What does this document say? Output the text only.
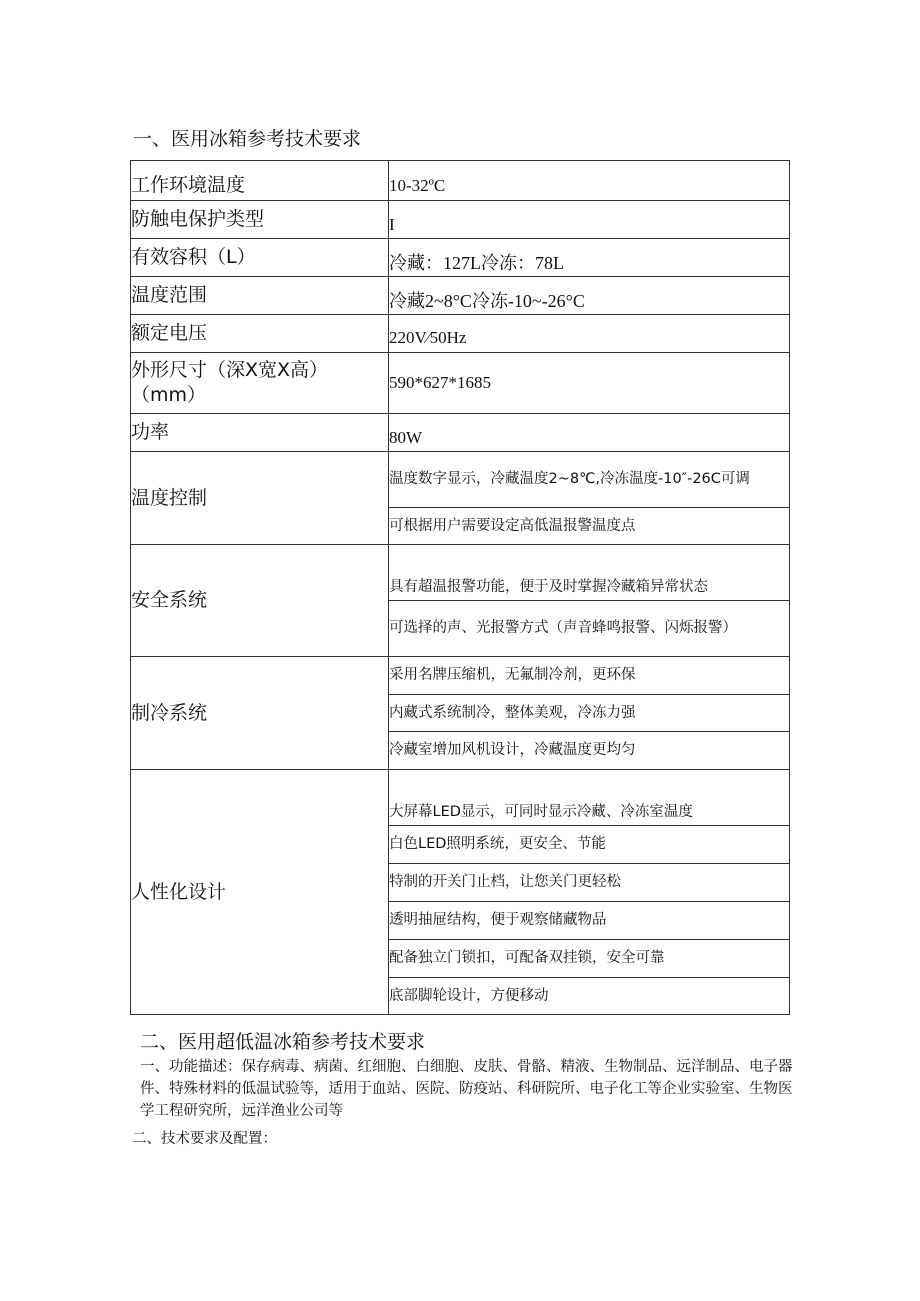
一、医用冰箱参考技术要求
工作环境温度	10-32ºC
防触电保护类型	I
有效容积（L）	冷藏：127L冷冻：78L
温度范围	冷藏2~8°C冷冻-10~-26°C
额定电压	220V∕50Hz
外形尺寸（深X宽X高）（mm）	590*627*1685
功率	80W
温度控制	温度数字显示，冷藏温度2~8℃,冷冻温度-10″-26C可调
	可根据用户需要设定高低温报警温度点
安全系统	具有超温报警功能，便于及时掌握冷藏箱异常状态
	可选择的声、光报警方式（声音蜂鸣报警、闪烁报警）
制冷系统	采用名牌压缩机，无氟制冷剂，更环保
	内藏式系统制冷，整体美观，冷冻力强
	冷藏室增加风机设计，冷藏温度更均匀
人性化设计	大屏幕LED显示，可同时显示冷藏、冷冻室温度
	白色LED照明系统，更安全、节能
	特制的开关门止档，让您关门更轻松
	透明抽屉结构，便于观察储藏物品
	配备独立门锁扣，可配备双挂锁，安全可靠
	底部脚轮设计，方便移动
二、医用超低温冰箱参考技术要求
一、功能描述：保存病毒、病菌、红细胞、白细胞、皮肤、骨骼、精液、生物制品、远洋制品、电子器件、特殊材料的低温试验等，适用于血站、医院、防疫站、科研院所、电子化工等企业实验室、生物医学工程研究所，远洋渔业公司等
二、技术要求及配置：
